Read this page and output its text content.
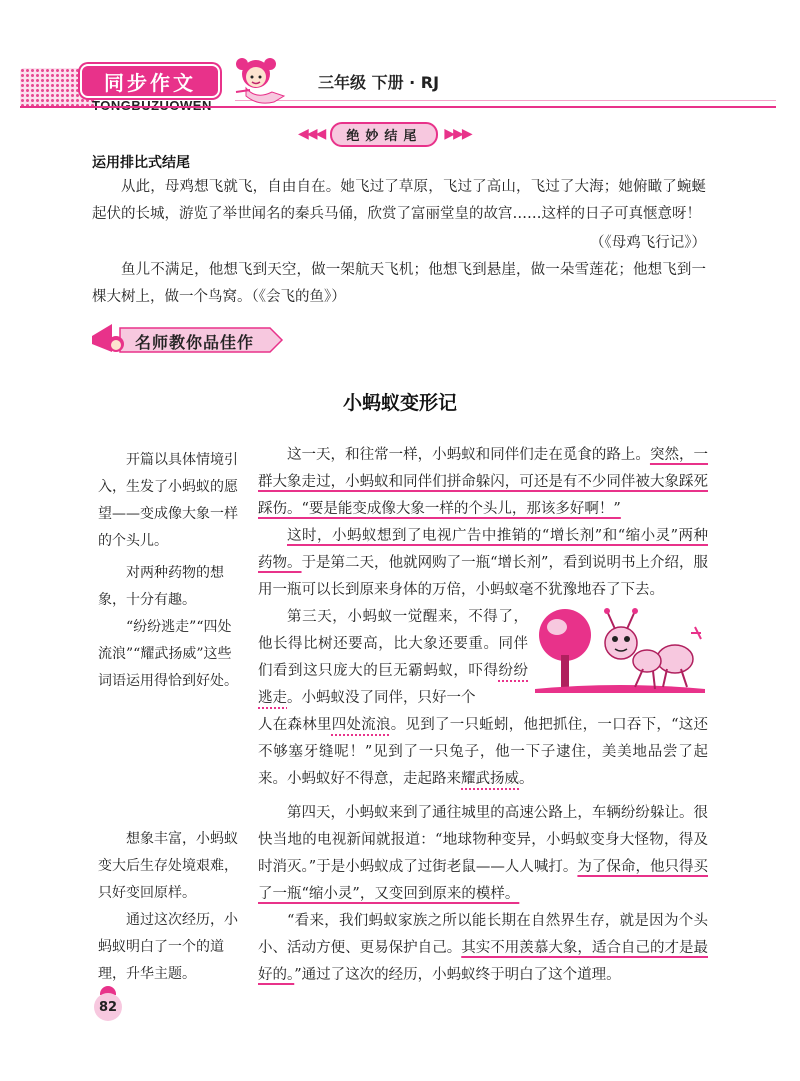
同步作文	三年级 下册 · RJ
◀◀◀	绝妙结尾	▶▶▶
运用排比式结尾

从此，母鸡想飞就飞，自由自在。她飞过了草原，飞过了高山，飞过了大海；她俯瞰了蜿蜒起伏的长城，游览了举世闻名的秦兵马俑，欣赏了富丽堂皇的故宫……这样的日子可真惬意呀！

（《母鸡飞行记》）

鱼儿不满足，他想飞到天空，做一架航天飞机；他想飞到悬崖，做一朵雪莲花；他想飞到一棵大树上，做一个鸟窝。（《会飞的鱼》）

名师教你品佳作
小蚂蚁变形记

开篇以具体情境引入，生发了小蚂蚁的愿望——变成像大象一样的个头儿。

对两种药物的想象，十分有趣。

“纷纷逃走”“四处流浪”“耀武扬威”这些词语运用得恰到好处。

想象丰富，小蚂蚁变大后生存处境艰难，只好变回原样。

通过这次经历，小蚂蚁明白了一个的道理，升华主题。

这一天，和往常一样，小蚂蚁和同伴们走在觅食的路上。突然，一群大象走过，小蚂蚁和同伴们拼命躲闪，可还是有不少同伴被大象踩死踩伤。“要是能变成像大象一样的个头儿，那该多好啊！”

这时，小蚂蚁想到了电视广告中推销的“增长剂”和“缩小灵”两种药物。于是第二天，他就网购了一瓶“增长剂”，看到说明书上介绍，服用一瓶可以长到原来身体的万倍，小蚂蚁毫不犹豫地吞了下去。

第三天，小蚂蚁一觉醒来，不得了，他长得比树还要高，比大象还要重。同伴们看到这只庞大的巨无霸蚂蚁，吓得纷纷逃走。小蚂蚁没了同伴，只好一个

人在森林里四处流浪。见到了一只蚯蚓，他把抓住，一口吞下，“这还不够塞牙缝呢！”见到了一只兔子，他一下子逮住，美美地品尝了起来。小蚂蚁好不得意，走起路来耀武扬威。

第四天，小蚂蚁来到了通往城里的高速公路上，车辆纷纷躲让。很快当地的电视新闻就报道：“地球物种变异，小蚂蚁变身大怪物，得及时消灭。”于是小蚂蚁成了过街老鼠——人人喊打。为了保命，他只得买了一瓶“缩小灵”，又变回到原来的模样。

“看来，我们蚂蚁家族之所以能长期在自然界生存，就是因为个头小、活动方便、更易保护自己。其实不用羡慕大象，适合自己的才是最好的。”通过了这次的经历，小蚂蚁终于明白了这个道理。

82
